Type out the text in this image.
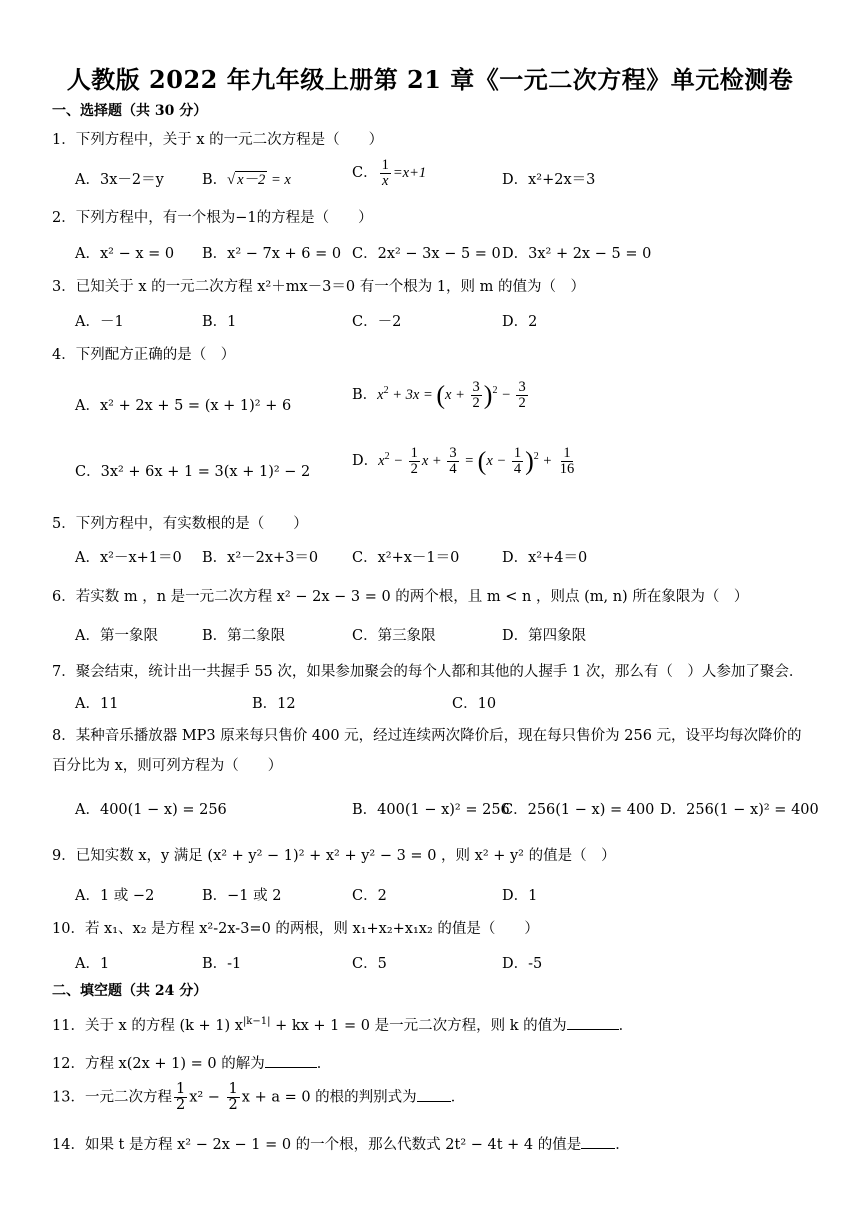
人教版 2022 年九年级上册第 21 章《一元二次方程》单元检测卷
一、选择题（共 30 分）
1．下列方程中，关于 x 的一元二次方程是（　　）
A．3x－2＝y	B．√ x－2 = x	C． $\frac{1}{x} =x+1$	D．x²+2x＝3
2．下列方程中，有一个根为−1的方程是（　　）
A．x² − x = 0 B．x² − 7x + 6 = 0 C．2x² − 3x − 5 = 0 D．3x² + 2x − 5 = 0
3．已知关于 x 的一元二次方程 x²＋mx－3＝0 有一个根为 1，则 m 的值为（　）
A．－1	B．1	C．－2	D．2
4．下列配方正确的是（　）
A．x² + 2x + 5 = (x + 1)² + 6
B．$x^2 + 3x = (x + \frac{3}{2} )^2 - \frac{3}{2}$
C．3x² + 6x + 1 = 3(x + 1)² − 2
D．$x^2 - \frac{1}{2}$ $x + \frac{3}{4} = (x - \frac{1}{4} )^2 + \frac{1}{16}$
5．下列方程中，有实数根的是（　　）
A．x²－x+1＝0 B．x²－2x+3＝0 C．x²+x－1＝0	D．x²+4＝0
6．若实数 m ，n 是一元二次方程 x² − 2x − 3 = 0 的两个根，且 m < n ，则点 (m, n) 所在象限为（　）
A．第一象限	B．第二象限	C．第三象限	D．第四象限
7．聚会结束，统计出一共握手 55 次，如果参加聚会的每个人都和其他的人握手 1 次，那么有（　）人参加了聚会．
A．11	B．12	C．10
8．某种音乐播放器 MP3 原来每只售价 400 元，经过连续两次降价后，现在每只售价为 256 元，设平均每次降价的百分比为 x，则可列方程为（　　）
A．400(1 − x) = 256	B．400(1 − x)² = 256
C．256(1 − x) = 400 D．256(1 − x)² = 400
9．已知实数 x，y 满足 (x² + y² − 1)² + x² + y² − 3 = 0 ，则 x² + y² 的值是（　）
A．1 或 −2	B．−1 或 2	C．2	D．1
10．若 x₁、x₂ 是方程 x²-2x-3=0 的两根，则 x₁+x₂+x₁x₂ 的值是（　　）
A．1	B．-1	C．5	D．-5
二、填空题（共 24 分）
11．关于 x 的方程 (k + 1) $x^{|k-1|}$ + kx + 1 = 0 是一元二次方程，则 k 的值为	．
12．方程 x(2x + 1) = 0 的解为	．
13．一元二次方程 $\frac{1}{2} x^2 - \frac{1}{2}$ x + a = 0 的根的判别式为 ．
14．如果 t 是方程 x² − 2x − 1 = 0 的一个根，那么代数式 2t² − 4t + 4 的值是 ．
